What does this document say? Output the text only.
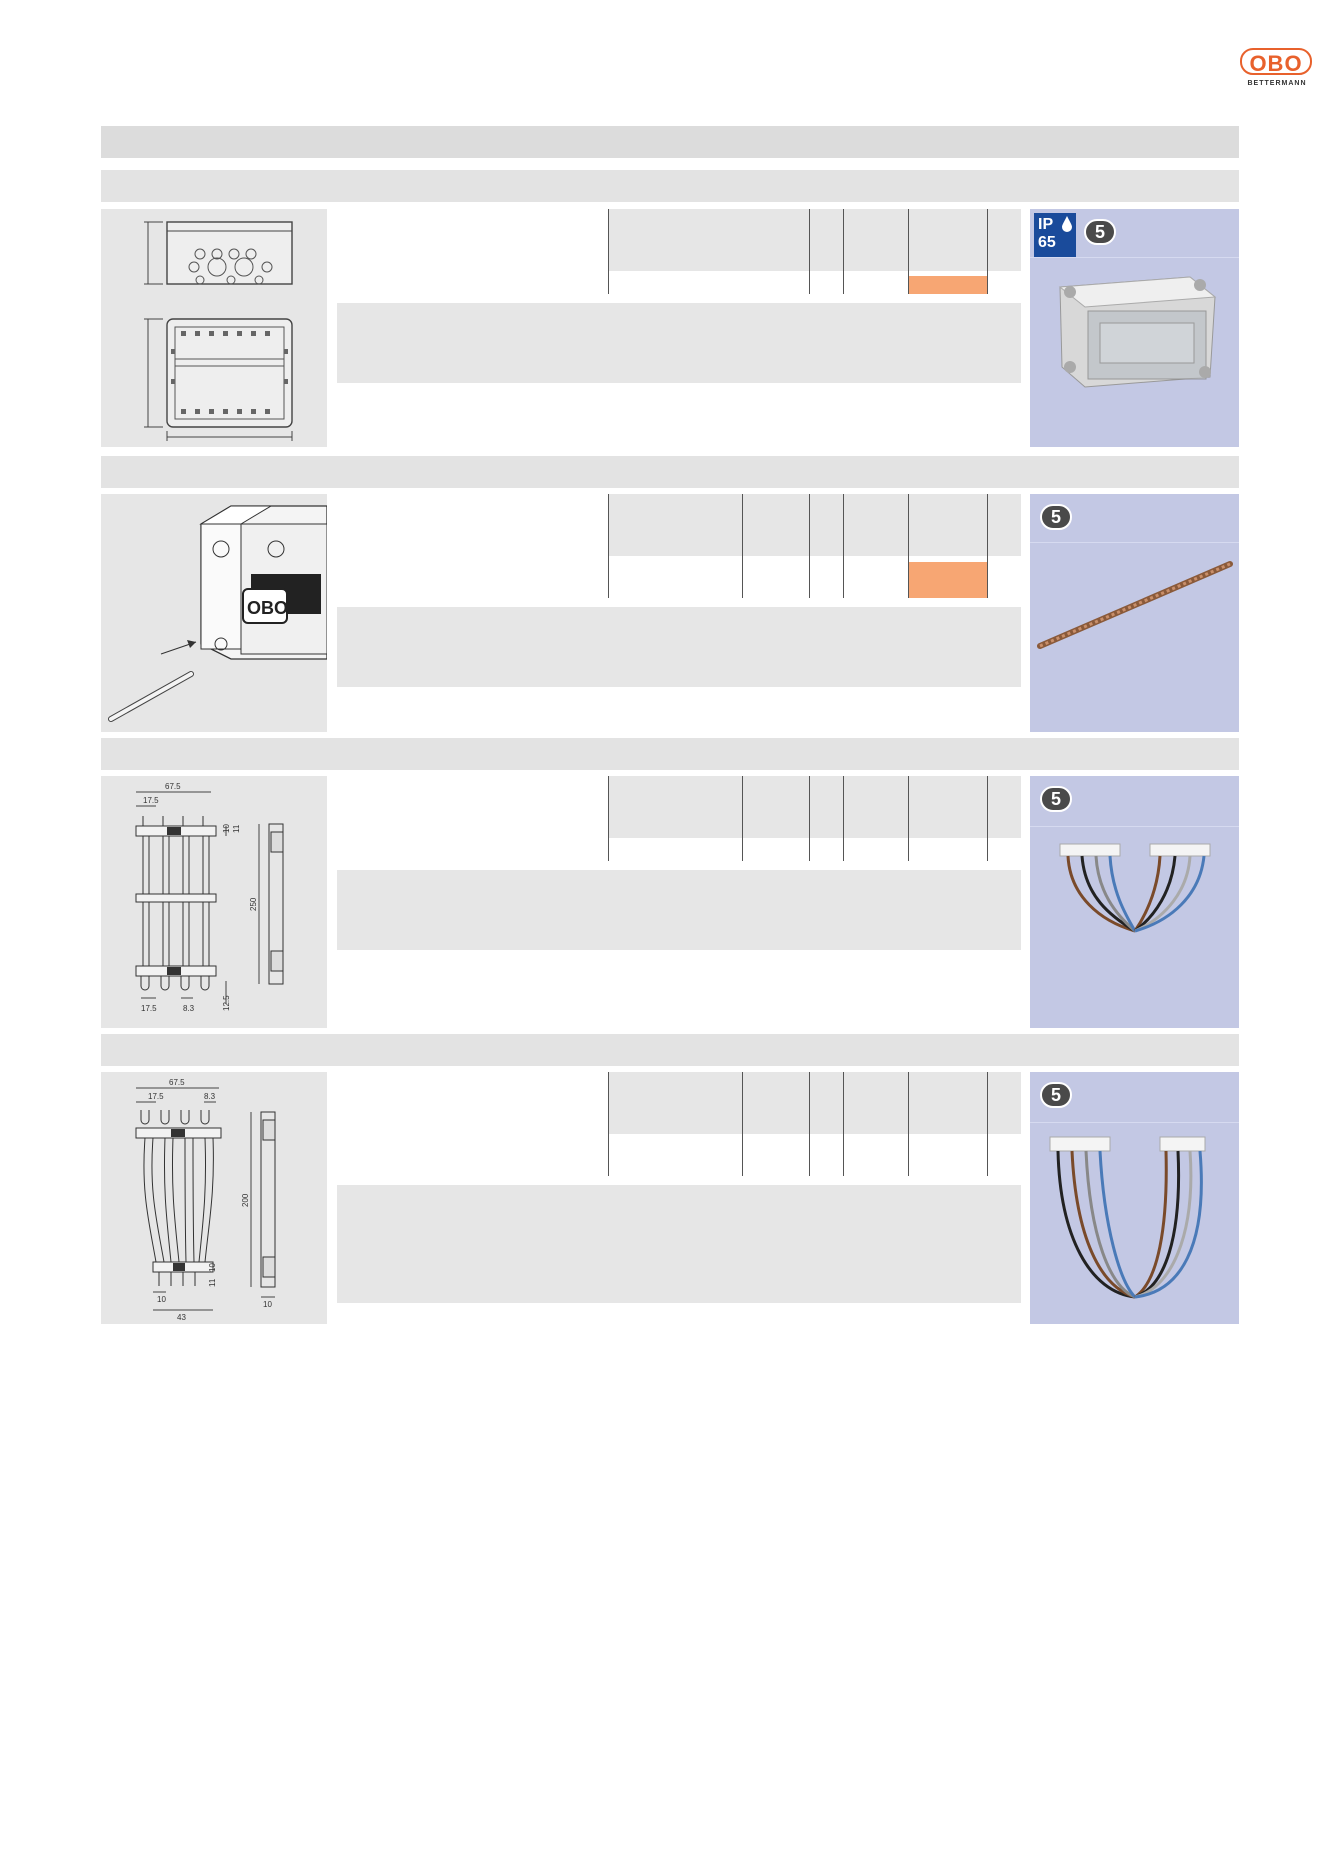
OBO
BETTERMANN
IP
65
5
OBO
5
67.5
17.5
10 11
250
17.5	8.3	12.5
5
67.5
17.5	8.3
10
43
10
11
200
10
5
